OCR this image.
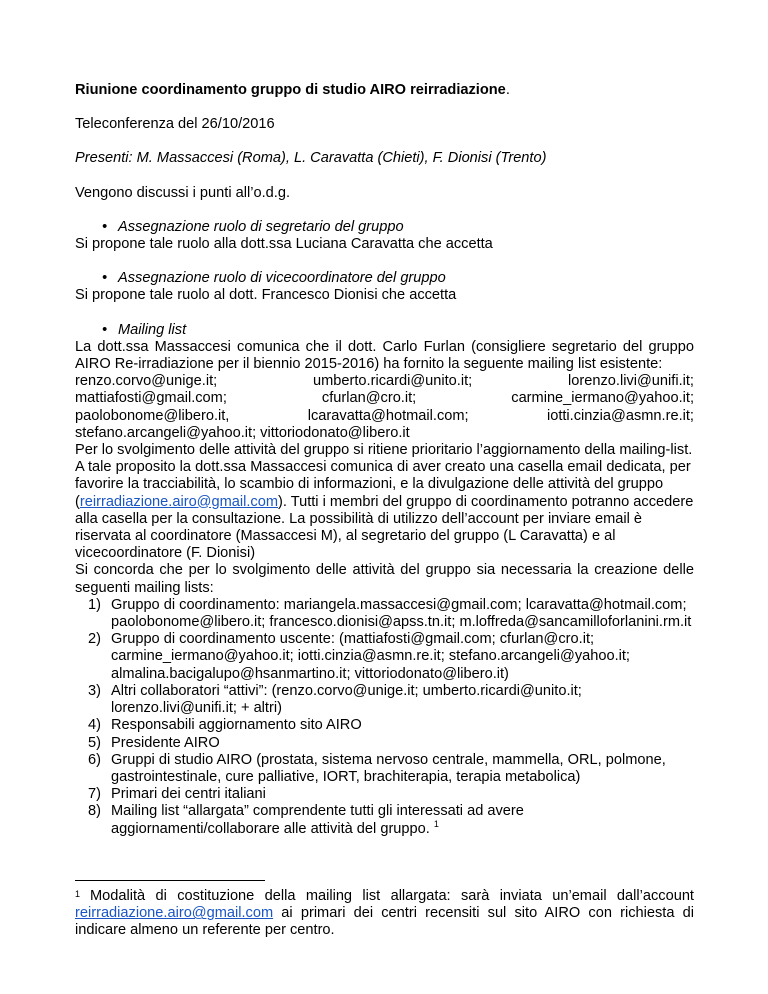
Riunione coordinamento gruppo di studio AIRO reirradiazione.

Teleconferenza del 26/10/2016

Presenti: M. Massaccesi (Roma), L. Caravatta (Chieti), F. Dionisi (Trento)

Vengono discussi i punti all’o.d.g.

• Assegnazione ruolo di segretario del gruppo

Si propone tale ruolo alla dott.ssa Luciana Caravatta che accetta

• Assegnazione ruolo di vicecoordinatore del gruppo

Si propone tale ruolo al dott. Francesco Dionisi che accetta

• Mailing list

La dott.ssa Massaccesi comunica che il dott. Carlo Furlan (consigliere segretario del gruppo AIRO Re-irradiazione per il biennio 2015-2016) ha fornito la seguente mailing list esistente:

renzo.corvo@unige.it;	umberto.ricardi@unito.it;	lorenzo.livi@unifi.it;
mattiafosti@gmail.com;	cfurlan@cro.it;	carmine_iermano@yahoo.it;
paolobonome@libero.it,	lcaravatta@hotmail.com;	iotti.cinzia@asmn.re.it;

stefano.arcangeli@yahoo.it; vittoriodonato@libero.it

Per lo svolgimento delle attività del gruppo si ritiene prioritario l’aggiornamento della mailing-list.

A tale proposito la dott.ssa Massaccesi comunica di aver creato una casella email dedicata, per favorire la tracciabilità, lo scambio di informazioni, e la divulgazione delle attività del gruppo (reirradiazione.airo@gmail.com). Tutti i membri del gruppo di coordinamento potranno accedere alla casella per la consultazione. La possibilità di utilizzo dell’account per inviare email è riservata al coordinatore (Massaccesi M), al segretario del gruppo (L Caravatta) e al vicecoordinatore (F. Dionisi)

Si concorda che per lo svolgimento delle attività del gruppo sia necessaria la creazione delle seguenti mailing lists:

1) Gruppo di coordinamento: mariangela.massaccesi@gmail.com; lcaravatta@hotmail.com; paolobonome@libero.it; francesco.dionisi@apss.tn.it; m.loffreda@sancamilloforlanini.rm.it
2) Gruppo di coordinamento uscente: (mattiafosti@gmail.com; cfurlan@cro.it; carmine_iermano@yahoo.it; iotti.cinzia@asmn.re.it; stefano.arcangeli@yahoo.it; almalina.bacigalupo@hsanmartino.it; vittoriodonato@libero.it)
3) Altri collaboratori “attivi”: (renzo.corvo@unige.it; umberto.ricardi@unito.it; lorenzo.livi@unifi.it; + altri)
4) Responsabili aggiornamento sito AIRO
5) Presidente AIRO
6) Gruppi di studio AIRO (prostata, sistema nervoso centrale, mammella, ORL, polmone, gastrointestinale, cure palliative, IORT, brachiterapia, terapia metabolica)
7) Primari dei centri italiani
8) Mailing list “allargata” comprendente tutti gli interessati ad avere aggiornamenti/collaborare alle attività del gruppo. $^1$

$^1$ Modalità di costituzione della mailing list allargata: sarà inviata un’email dall’account reirradiazione.airo@gmail.com ai primari dei centri recensiti sul sito AIRO con richiesta di indicare almeno un referente per centro.
